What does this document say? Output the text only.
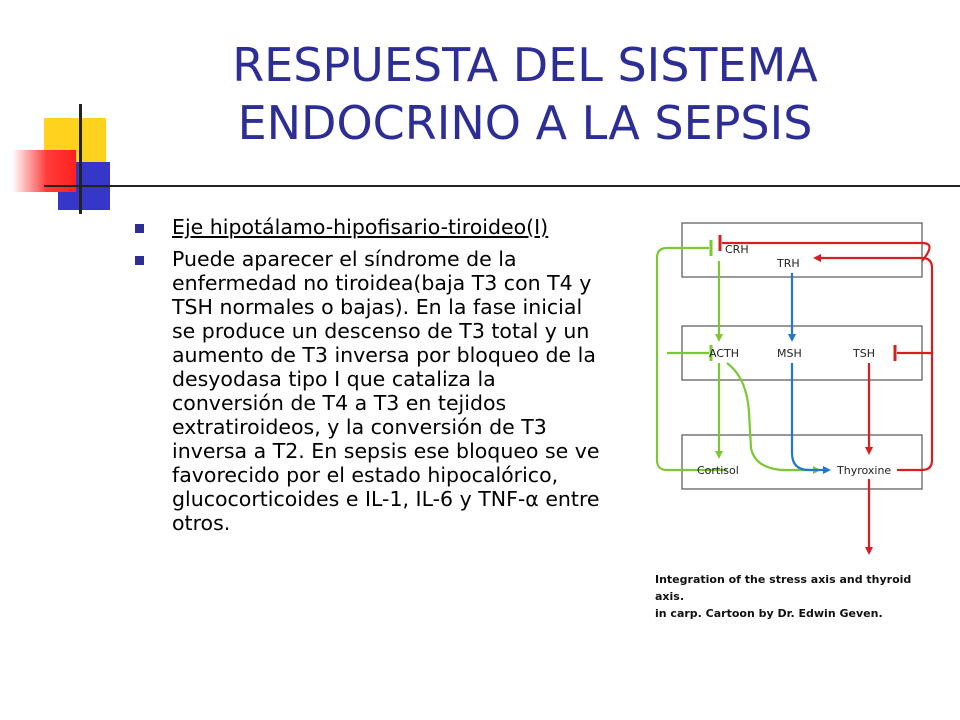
RESPUESTA DEL SISTEMA
ENDOCRINO A LA SEPSIS
Eje hipotálamo-hipofisario-tiroideo(I)
Puede aparecer el síndrome de la enfermedad no tiroidea(baja T3 con T4 y TSH normales o bajas). En la fase inicial se produce un descenso de T3 total y un aumento de T3 inversa por bloqueo de la desyodasa tipo I que cataliza la conversión de T4 a T3 en tejidos extratiroideos, y la conversión de T3 inversa a T2. En sepsis ese bloqueo se ve favorecido por el estado hipocalórico, glucocorticoides e IL-1, IL-6 y TNF-α entre otros.
CRH
TRH
ACTH	MSH	TSH
Cortisol	Thyroxine

Integration of the stress axis and thyroid axis.
in carp. Cartoon by Dr. Edwin Geven.
